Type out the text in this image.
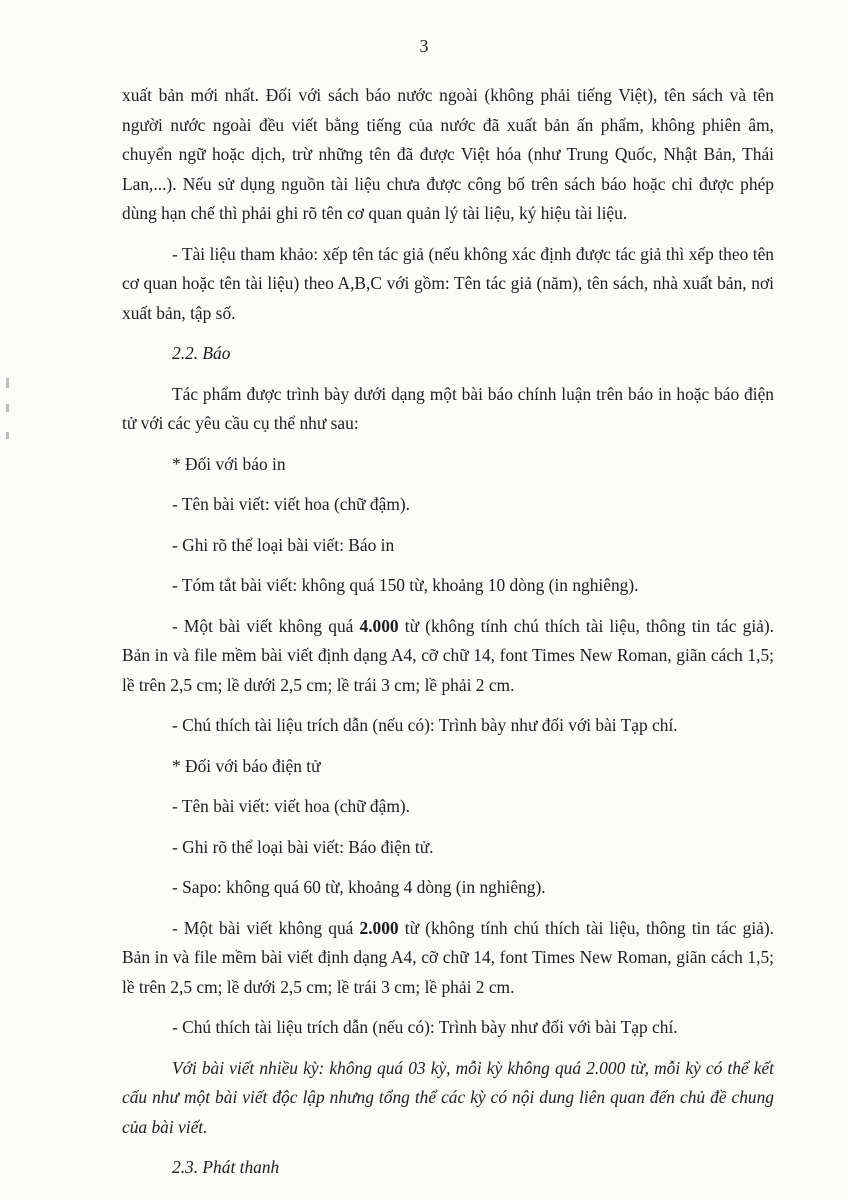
3

xuất bản mới nhất. Đối với sách báo nước ngoài (không phải tiếng Việt), tên sách và tên người nước ngoài đều viết bằng tiếng của nước đã xuất bản ấn phẩm, không phiên âm, chuyển ngữ hoặc dịch, trừ những tên đã được Việt hóa (như Trung Quốc, Nhật Bản, Thái Lan,...). Nếu sử dụng nguồn tài liệu chưa được công bố trên sách báo hoặc chỉ được phép dùng hạn chế thì phải ghi rõ tên cơ quan quản lý tài liệu, ký hiệu tài liệu.

- Tài liệu tham khảo: xếp tên tác giả (nếu không xác định được tác giả thì xếp theo tên cơ quan hoặc tên tài liệu) theo A,B,C với gồm: Tên tác giả (năm), tên sách, nhà xuất bản, nơi xuất bản, tập số.

2.2. Báo

Tác phẩm được trình bày dưới dạng một bài báo chính luận trên báo in hoặc báo điện tử với các yêu cầu cụ thể như sau:

* Đối với báo in

- Tên bài viết: viết hoa (chữ đậm).

- Ghi rõ thể loại bài viết: Báo in

- Tóm tắt bài viết: không quá 150 từ, khoảng 10 dòng (in nghiêng).

- Một bài viết không quá 4.000 từ (không tính chú thích tài liệu, thông tin tác giả). Bản in và file mềm bài viết định dạng A4, cỡ chữ 14, font Times New Roman, giãn cách 1,5; lề trên 2,5 cm; lề dưới 2,5 cm; lề trái 3 cm; lề phải 2 cm.

- Chú thích tài liệu trích dẫn (nếu có): Trình bày như đối với bài Tạp chí.

* Đối với báo điện tử

- Tên bài viết: viết hoa (chữ đậm).

- Ghi rõ thể loại bài viết: Báo điện tử.

- Sapo: không quá 60 từ, khoảng 4 dòng (in nghiêng).

- Một bài viết không quá 2.000 từ (không tính chú thích tài liệu, thông tin tác giả). Bản in và file mềm bài viết định dạng A4, cỡ chữ 14, font Times New Roman, giãn cách 1,5; lề trên 2,5 cm; lề dưới 2,5 cm; lề trái 3 cm; lề phải 2 cm.

- Chú thích tài liệu trích dẫn (nếu có): Trình bày như đối với bài Tạp chí.

Với bài viết nhiều kỳ: không quá 03 kỳ, mỗi kỳ không quá 2.000 từ, mỗi kỳ có thể kết cấu như một bài viết độc lập nhưng tổng thể các kỳ có nội dung liên quan đến chủ đề chung của bài viết.

2.3. Phát thanh
